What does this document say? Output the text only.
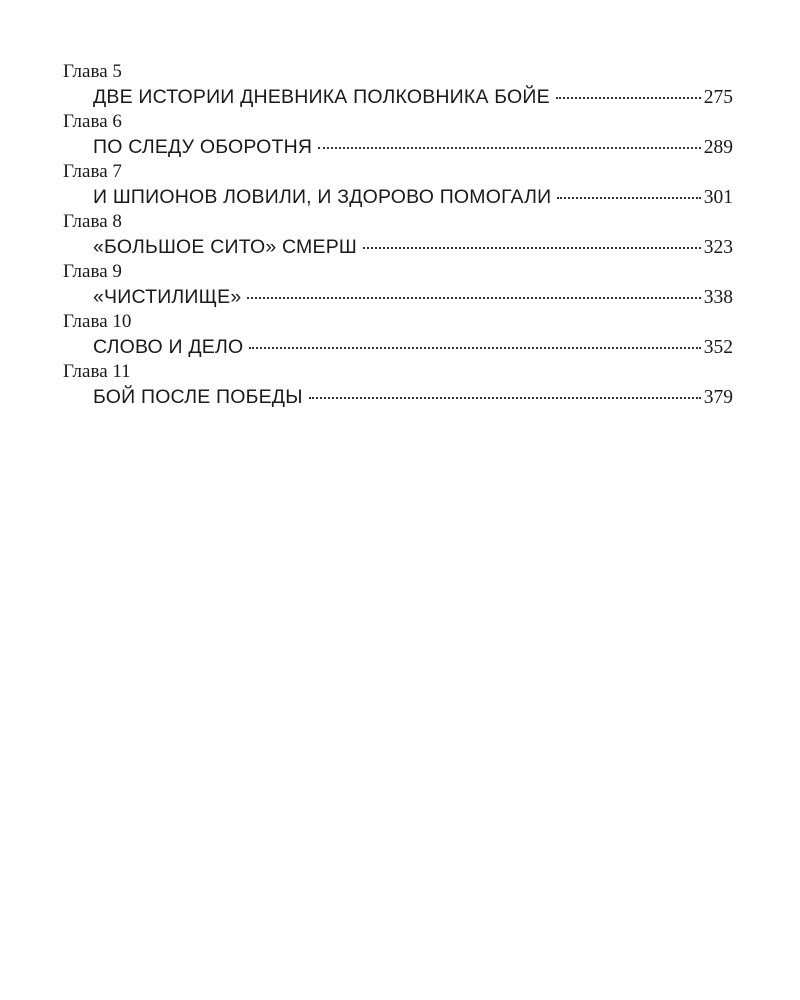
Глава 5
ДВЕ ИСТОРИИ ДНЕВНИКА ПОЛКОВНИКА БОЙЕ	275
Глава 6
ПО СЛЕДУ ОБОРОТНЯ	289
Глава 7
И ШПИОНОВ ЛОВИЛИ, И ЗДОРОВО ПОМОГАЛИ	301
Глава 8
«БОЛЬШОЕ СИТО» СМЕРШ	323
Глава 9
«ЧИСТИЛИЩЕ»	338
Глава 10
СЛОВО И ДЕЛО	352
Глава 11
БОЙ ПОСЛЕ ПОБЕДЫ	379
